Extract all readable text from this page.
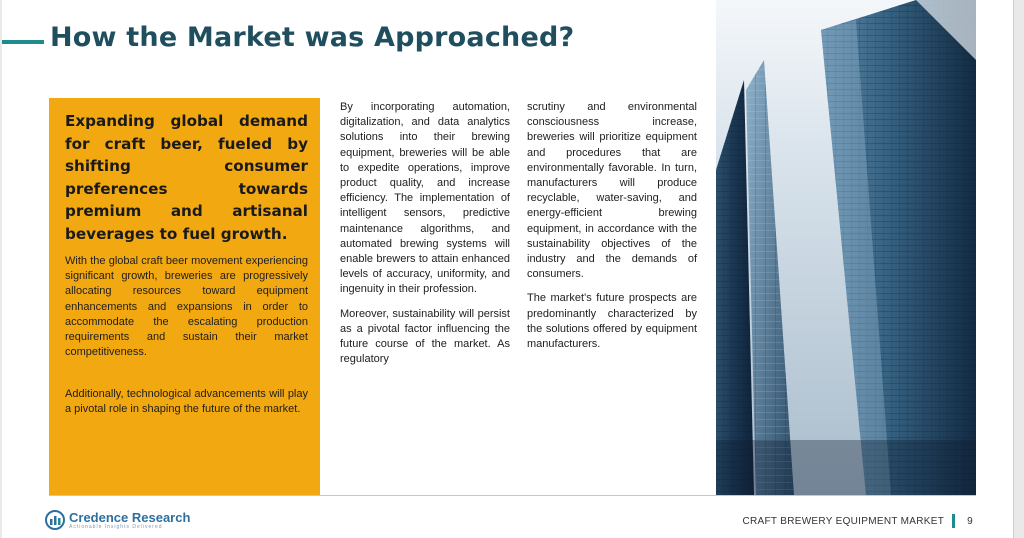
How the Market was Approached?

Expanding global demand for craft beer, fueled by shifting consumer preferences towards premium and artisanal beverages to fuel growth.

With the global craft beer movement experiencing significant growth, breweries are progressively allocating resources toward equipment enhancements and expansions in order to accommodate the escalating production requirements and sustain their market competitiveness.

Additionally, technological advancements will play a pivotal role in shaping the future of the market.

By incorporating automation, digitalization, and data analytics solutions into their brewing equipment, breweries will be able to expedite operations, improve product quality, and increase efficiency. The implementation of intelligent sensors, predictive maintenance algorithms, and automated brewing systems will enable brewers to attain enhanced levels of accuracy, uniformity, and ingenuity in their profession.

Moreover, sustainability will persist as a pivotal factor influencing the future course of the market. As regulatory

scrutiny and environmental consciousness increase, breweries will prioritize equipment and procedures that are environmentally favorable. In turn, manufacturers will produce recyclable, water-saving, and energy-efficient brewing equipment, in accordance with the sustainability objectives of the industry and the demands of consumers.

The market's future prospects are predominantly characterized by the solutions offered by equipment manufacturers.

Credence Research
Actionable Insights Delivered	CRAFT BREWERY EQUIPMENT MARKET 9
